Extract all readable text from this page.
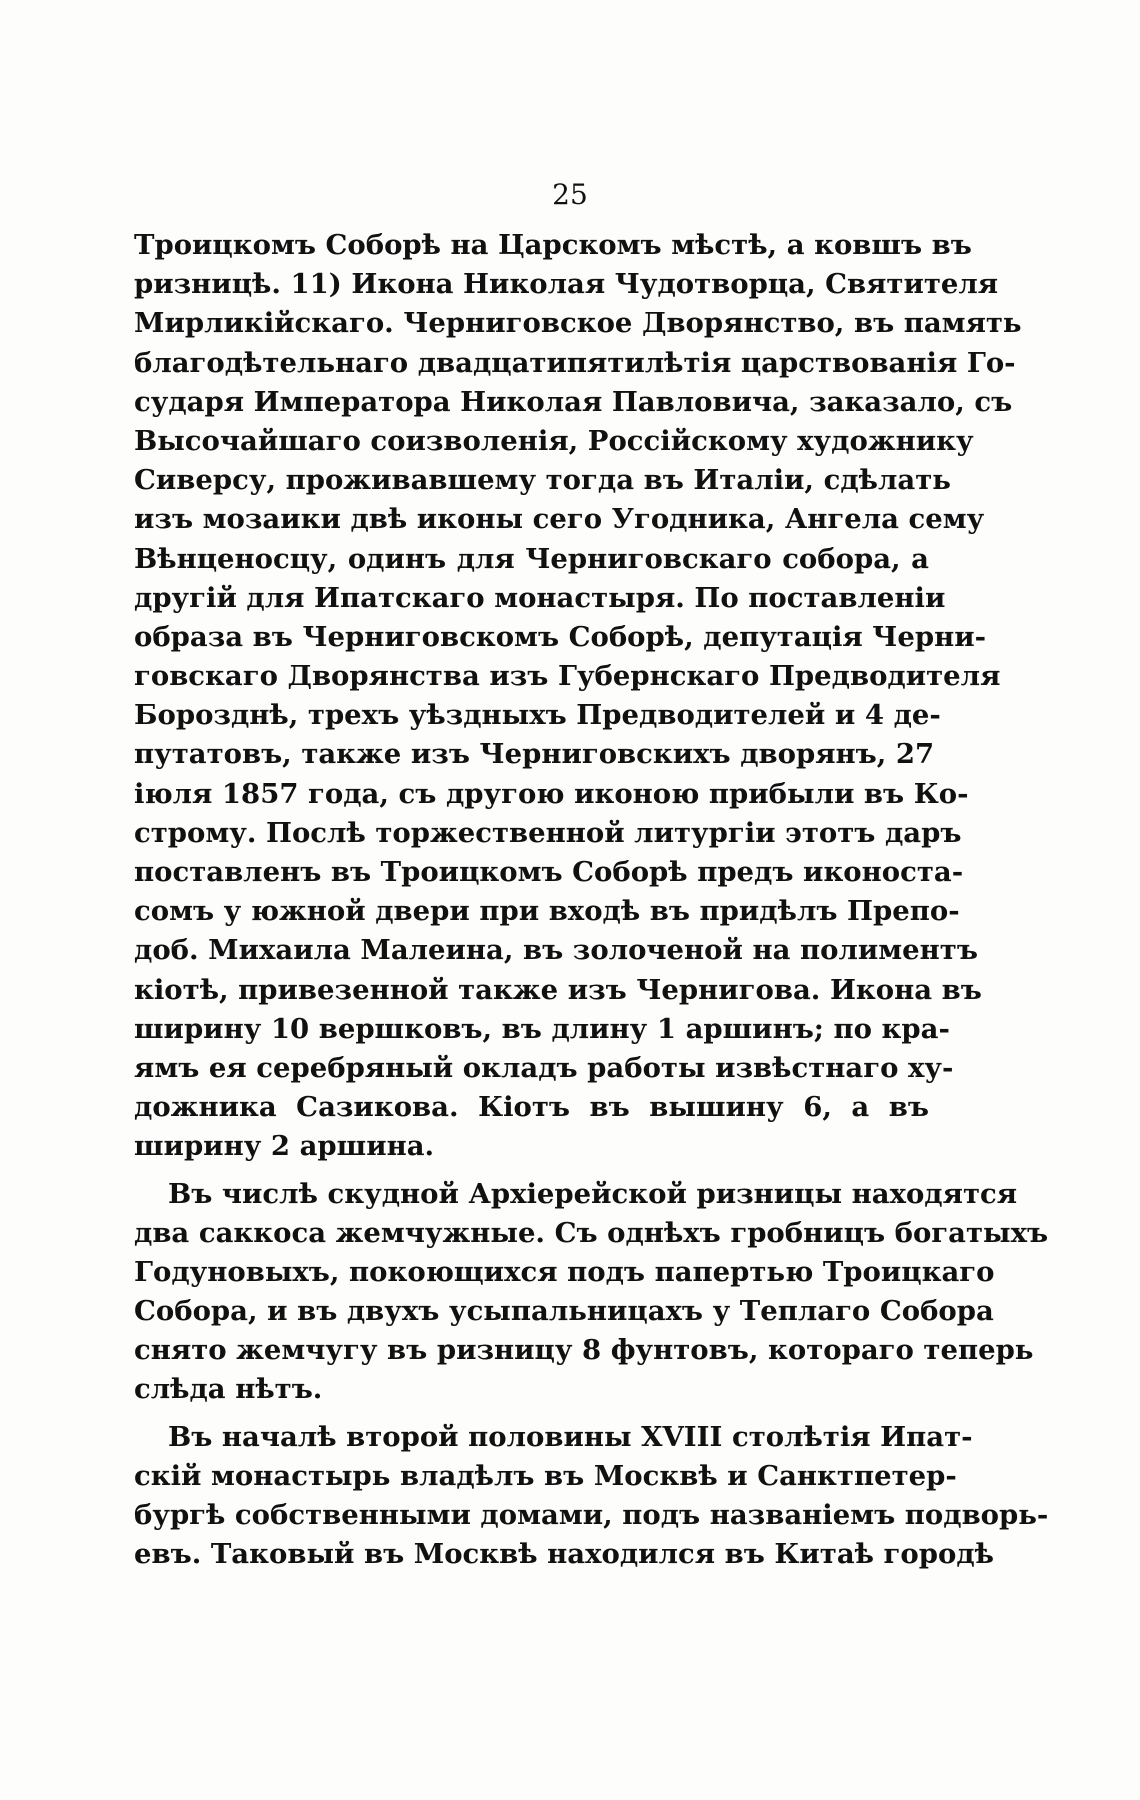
25
Троицкомъ Соборѣ на Царскомъ мѣстѣ, а ковшъ въ
ризницѣ. 11) Икона Николая Чудотворца, Святителя
Мирликійскаго. Черниговское Дворянство, въ память
благодѣтельнаго двадцатипятилѣтія царствованія Го-
сударя Императора Николая Павловича, заказало, съ
Высочайшаго соизволенія, Россійскому художнику
Сиверсу, проживавшему тогда въ Италіи, сдѣлать
изъ мозаики двѣ иконы сего Угодника, Ангела сему
Вѣнценосцу, одинъ для Черниговскаго собора, а
другій для Ипатскаго монастыря. По поставленіи
образа въ Черниговскомъ Соборѣ, депутація Черни-
говскаго Дворянства изъ Губернскаго Предводителя
Борозднѣ, трехъ уѣздныхъ Предводителей и 4 де-
путатовъ, также изъ Черниговскихъ дворянъ, 27
іюля 1857 года, съ другою иконою прибыли въ Ко-
строму. Послѣ торжественной литургіи этотъ даръ
поставленъ въ Троицкомъ Соборѣ предъ иконоста-
сомъ у южной двери при входѣ въ придѣлъ Препо-
доб. Михаила Малеина, въ золоченой на полиментъ
кіотѣ, привезенной также изъ Чернигова. Икона въ
ширину 10 вершковъ, въ длину 1 аршинъ; по кра-
ямъ ея серебряный окладъ работы извѣстнаго ху-
дожника Сазикова. Кіотъ въ вышину 6, а въ
ширину 2 аршина.
Въ числѣ скудной Архіерейской ризницы находятся
два саккоса жемчужные. Съ однѣхъ гробницъ богатыхъ
Годуновыхъ, покоющихся подъ папертью Троицкаго
Собора, и въ двухъ усыпальницахъ у Теплаго Собора
снято жемчугу въ ризницу 8 фунтовъ, котораго теперь
слѣда нѣтъ.
Въ началѣ второй половины XVIII столѣтія Ипат-
скій монастырь владѣлъ въ Москвѣ и Санктпетер-
бургѣ собственными домами, подъ названіемъ подворь-
евъ. Таковый въ Москвѣ находился въ Китаѣ городѣ
